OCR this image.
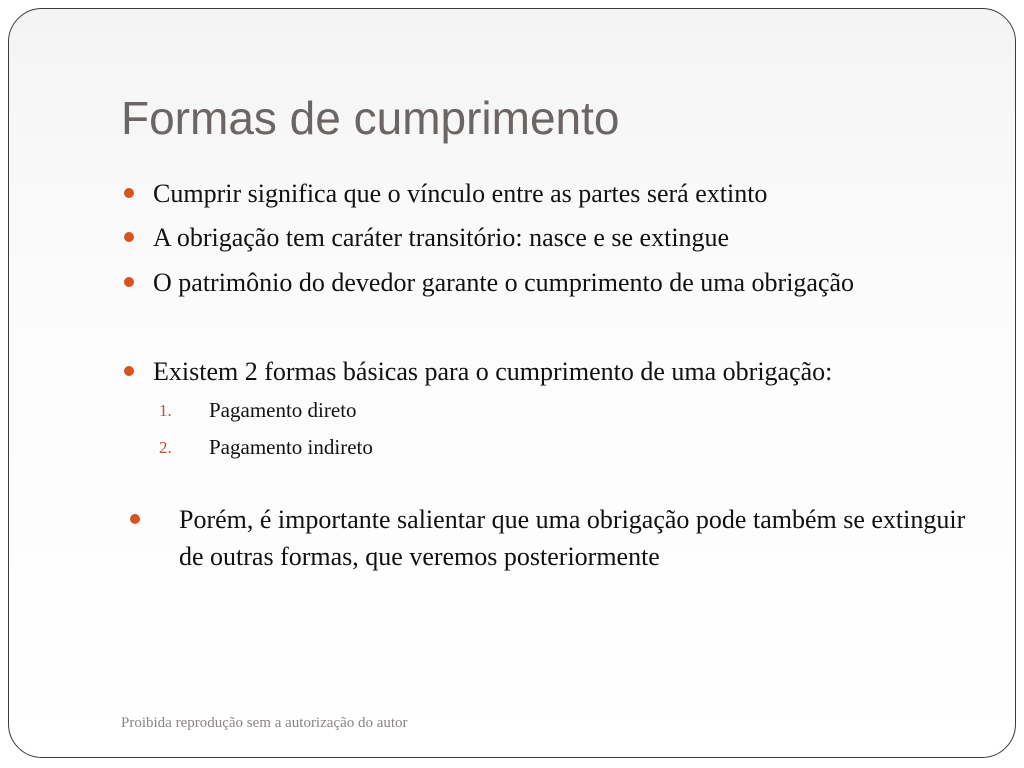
Formas de cumprimento
Cumprir significa que o vínculo entre as partes será extinto
A obrigação tem caráter transitório: nasce e se extingue
O patrimônio do devedor garante o cumprimento de uma obrigação
Existem 2 formas básicas para o cumprimento de uma obrigação:
1. Pagamento direto
2. Pagamento indireto
Porém, é importante salientar que uma obrigação pode também se extinguir de outras formas, que veremos posteriormente
Proibida reprodução sem a autorização do autor
